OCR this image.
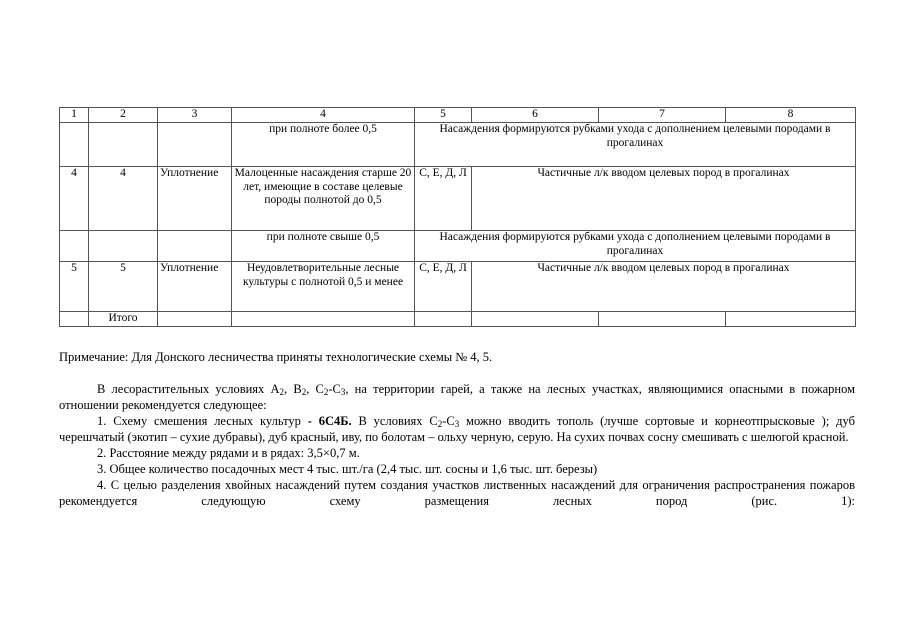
1	2	3	4	5	6	7	8
			при полноте более 0,5	Насаждения формируются рубками ухода с дополнением целевыми породами в прогалинах			
4	4	Уплотнение	Малоценные насаждения старше 20 лет, имеющие в составе целевые породы полнотой до 0,5	С, Е, Д, Л	Частичные л/к вводом целевых пород в прогалинах		
			при полноте свыше 0,5	Насаждения формируются рубками ухода с дополнением целевыми породами в прогалинах			
5	5	Уплотнение	Неудовлетворительные лесные культуры с полнотой 0,5 и менее	С, Е, Д, Л	Частичные л/к вводом целевых пород в прогалинах		
	Итого						
Примечание: Для Донского лесничества приняты технологические схемы № 4, 5.

В лесорастительных условиях $А_2$, $В_2$, $С_2-С_3$, на территории гарей, а также на лесных участках, являющимися опасными в пожарном отношении рекомендуется следующее:

1. Схему смешения лесных культур - 6С4Б. В условиях $С_2-С_3$ можно вводить тополь (лучше сортовые и корнеотпрысковые ); дуб черешчатый (экотип – сухие дубравы), дуб красный, иву, по болотам – ольху черную, серую. На сухих почвах сосну смешивать с шелюгой красной.

2. Расстояние между рядами и в рядах: 3,5×0,7 м.

3. Общее количество посадочных мест 4 тыс. шт./га (2,4 тыс. шт. сосны и 1,6 тыс. шт. березы)

4. С целью разделения хвойных насаждений путем создания участков лиственных насаждений для ограничения распространения пожаров рекомендуется следующую схему размещения лесных пород (рис. 1):
